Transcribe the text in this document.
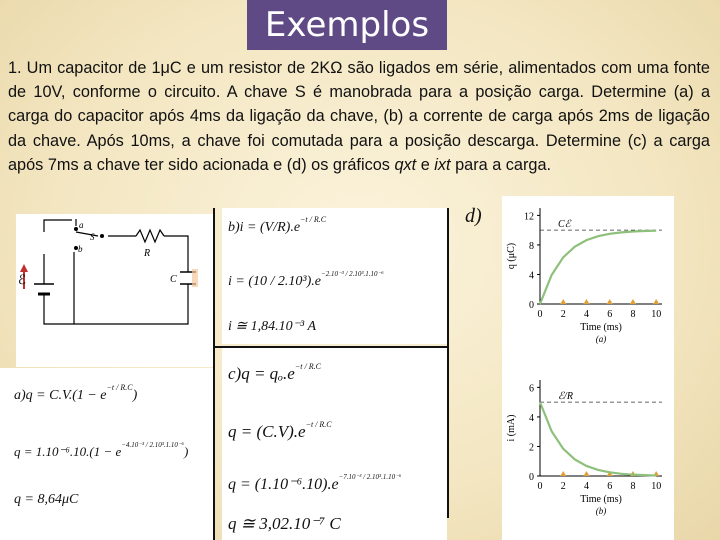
Exemplos
1. Um capacitor de 1μC e um resistor de 2KΩ são ligados em série, alimentados com uma fonte de 10V, conforme o circuito. A chave S é manobrada para a posição carga. Determine (a) a carga do capacitor após 4ms da ligação da chave, (b) a corrente de carga após 2ms de ligação da chave. Após 10ms, a chave foi comutada para a posição descarga. Determine (c) a carga após 7ms a chave ter sido acionada e (d) os gráficos qxt e ixt para a carga.
a
b
S
R
C
ℰ
$a)q = C.V.(1 - e^{-t / R.C})$
$q = 1.10^{-6}.10.(1 - e^{-4.10^{-3} / 2.10^3.1.10^{-6}})$
q = 8,64μC
$b)i = (V/R).e^{-t / R.C}$
$i = (10 / 2.10^3).e^{-2.10^{-3} / 2.10^3.1.10^{-6}}$
i ≅ 1,84.10⁻³ A
$c)q = q_o.e^{-t / R.C}$
$q = (C.V).e^{-t / R.C}$
$q = (1.10^{-6}.10).e^{-7.10^{-3} / 2.10^3.1.10^{-6}}$
q ≅ 3,02.10⁻⁷ C
d)
0
4
8
12
0 2 4 6 8 10
Cℰ
q (μC)
Time (ms)
(a)
0
2
4
6
0 2 4 6 8 10
ℰ/R
i (mA)
Time (ms)
(b)
